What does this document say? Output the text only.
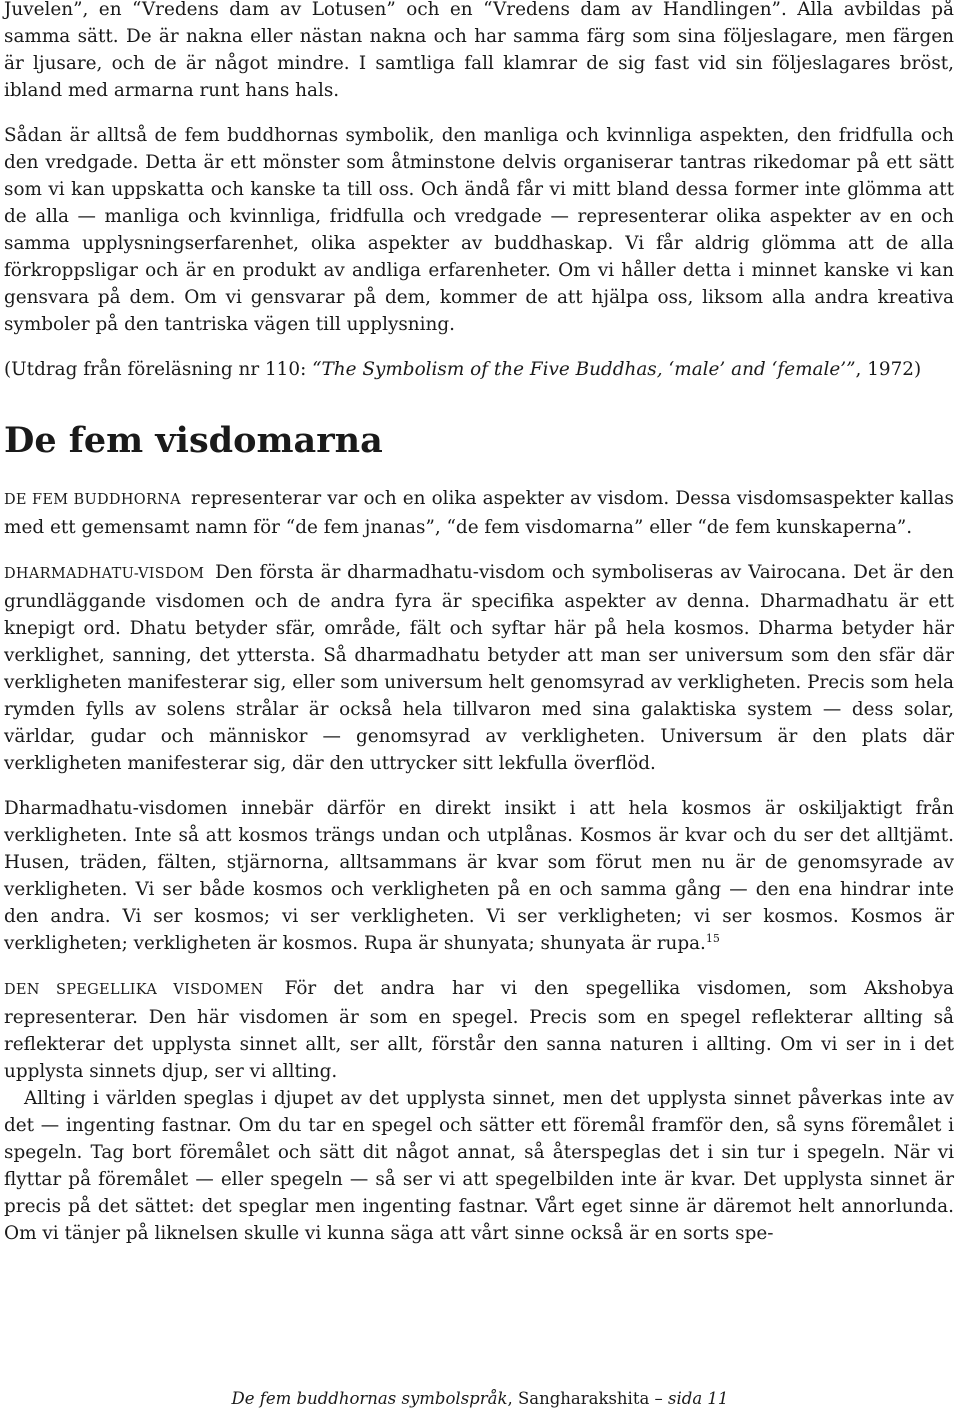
Juvelen”, en “Vredens dam av Lotusen” och en “Vredens dam av Handlingen”. Alla avbildas på samma sätt. De är nakna eller nästan nakna och har samma färg som sina följeslagare, men färgen är ljusare, och de är något mindre. I samtliga fall klamrar de sig fast vid sin följeslagares bröst, ibland med armarna runt hans hals.

Sådan är alltså de fem buddhornas symbolik, den manliga och kvinnliga aspekten, den fridfulla och den vredgade. Detta är ett mönster som åtminstone delvis organiserar tantras rikedomar på ett sätt som vi kan uppskatta och kanske ta till oss. Och ändå får vi mitt bland dessa former inte glömma att de alla — manliga och kvinnliga, fridfulla och vredgade — representerar olika aspekter av en och samma upplysningserfarenhet, olika aspekter av buddhaskap. Vi får aldrig glömma att de alla förkroppsligar och är en produkt av andliga erfarenheter. Om vi håller detta i minnet kanske vi kan gensvara på dem. Om vi gensvarar på dem, kommer de att hjälpa oss, liksom alla andra kreativa symboler på den tantriska vägen till upplysning.

(Utdrag från föreläsning nr 110: “The Symbolism of the Five Buddhas, ‘male’ and ‘female’”, 1972)

De fem visdomarna

DE FEM BUDDHORNA representerar var och en olika aspekter av visdom. Dessa visdomsaspekter kallas med ett gemensamt namn för “de fem jnanas”, “de fem visdomarna” eller “de fem kunskaperna”.

DHARMADHATU-VISDOM Den första är dharmadhatu-visdom och symboliseras av Vairocana. Det är den grundläggande visdomen och de andra fyra är specifika aspekter av denna. Dharmadhatu är ett knepigt ord. Dhatu betyder sfär, område, fält och syftar här på hela kosmos. Dharma betyder här verklighet, sanning, det yttersta. Så dharmadhatu betyder att man ser universum som den sfär där verkligheten manifesterar sig, eller som universum helt genomsyrad av verkligheten. Precis som hela rymden fylls av solens strålar är också hela tillvaron med sina galaktiska system — dess solar, världar, gudar och människor — genomsyrad av verkligheten. Universum är den plats där verkligheten manifesterar sig, där den uttrycker sitt lekfulla överflöd.

Dharmadhatu-visdomen innebär därför en direkt insikt i att hela kosmos är oskiljaktigt från verkligheten. Inte så att kosmos trängs undan och utplånas. Kosmos är kvar och du ser det alltjämt. Husen, träden, fälten, stjärnorna, alltsammans är kvar som förut men nu är de genomsyrade av verkligheten. Vi ser både kosmos och verkligheten på en och samma gång — den ena hindrar inte den andra. Vi ser kosmos; vi ser verkligheten. Vi ser verkligheten; vi ser kosmos. Kosmos är verkligheten; verkligheten är kosmos. Rupa är shunyata; shunyata är rupa.$^{15}$

DEN SPEGELLIKA VISDOMEN För det andra har vi den spegellika visdomen, som Akshobya representerar. Den här visdomen är som en spegel. Precis som en spegel reflekterar allting så reflekterar det upplysta sinnet allt, ser allt, förstår den sanna naturen i allting. Om vi ser in i det upplysta sinnets djup, ser vi allting.

Allting i världen speglas i djupet av det upplysta sinnet, men det upplysta sinnet påverkas inte av det — ingenting fastnar. Om du tar en spegel och sätter ett föremål framför den, så syns föremålet i spegeln. Tag bort föremålet och sätt dit något annat, så återspeglas det i sin tur i spegeln. När vi flyttar på föremålet — eller spegeln — så ser vi att spegelbilden inte är kvar. Det upplysta sinnet är precis på det sättet: det speglar men ingenting fastnar. Vårt eget sinne är däremot helt annorlunda. Om vi tänjer på liknelsen skulle vi kunna säga att vårt sinne också är en sorts spe-

De fem buddhornas symbolspråk, Sangharakshita – sida 11
